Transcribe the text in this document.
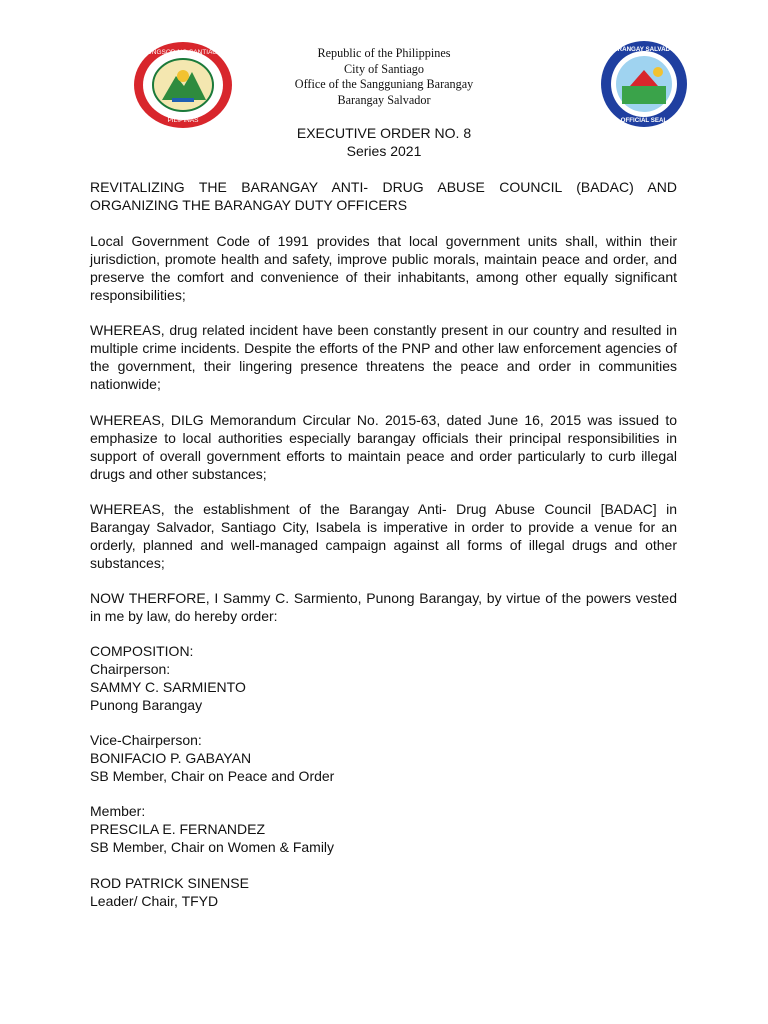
LUNGSOD NG SANTIAGO
PILIPINAS
Republic of the Philippines
City of Santiago
Office of the Sangguniang Barangay
Barangay Salvador
BARANGAY SALVADOR
OFFICIAL SEAL
EXECUTIVE ORDER NO. 8
Series 2021
REVITALIZING THE BARANGAY ANTI- DRUG ABUSE COUNCIL (BADAC) AND ORGANIZING THE BARANGAY DUTY OFFICERS
Local Government Code of 1991 provides that local government units shall, within their jurisdiction, promote health and safety, improve public morals, maintain peace and order, and preserve the comfort and convenience of their inhabitants, among other equally significant responsibilities;
WHEREAS, drug related incident have been constantly present in our country and resulted in multiple crime incidents. Despite the efforts of the PNP and other law enforcement agencies of the government, their lingering presence threatens the peace and order in communities nationwide;
WHEREAS, DILG Memorandum Circular No. 2015-63, dated June 16, 2015 was issued to emphasize to local authorities especially barangay officials their principal responsibilities in support of overall government efforts to maintain peace and order particularly to curb illegal drugs and other substances;
WHEREAS, the establishment of the Barangay Anti- Drug Abuse Council [BADAC] in Barangay Salvador, Santiago City, Isabela is imperative in order to provide a venue for an orderly, planned and well-managed campaign against all forms of illegal drugs and other substances;
NOW THERFORE, I Sammy C. Sarmiento, Punong Barangay, by virtue of the powers vested in me by law, do hereby order:
COMPOSITION:
Chairperson:
SAMMY C. SARMIENTO
Punong Barangay
Vice-Chairperson:
BONIFACIO P. GABAYAN
SB Member, Chair on Peace and Order
Member:
PRESCILA E. FERNANDEZ
SB Member, Chair on Women & Family
ROD PATRICK SINENSE
Leader/ Chair, TFYD
